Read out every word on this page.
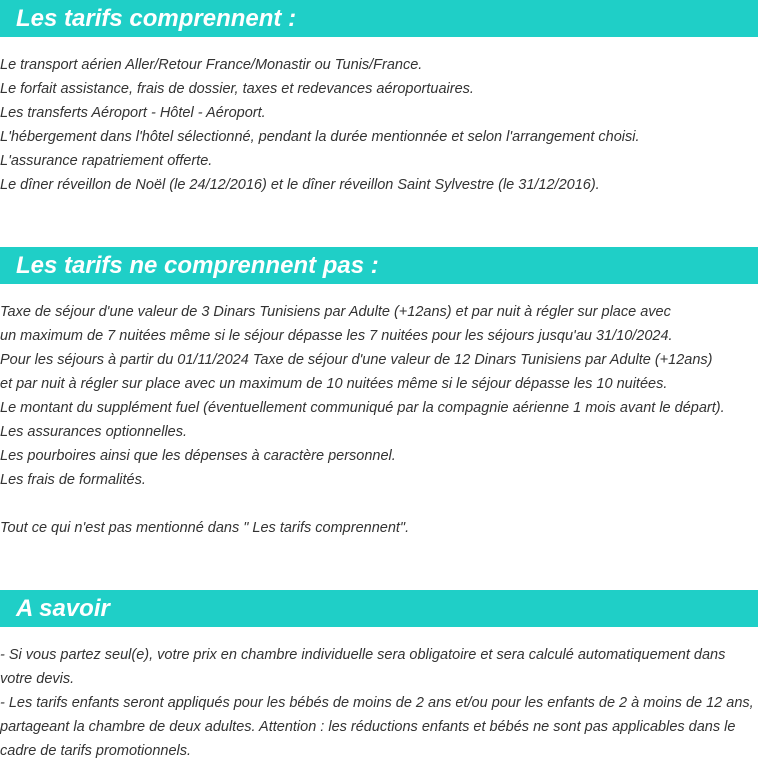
Les tarifs comprennent :
Le transport aérien Aller/Retour France/Monastir ou Tunis/France.
Le forfait assistance, frais de dossier, taxes et redevances aéroportuaires.
Les transferts Aéroport - Hôtel - Aéroport.
L'hébergement dans l'hôtel sélectionné, pendant la durée mentionnée et selon l'arrangement choisi.
L'assurance rapatriement offerte.
Le dîner réveillon de Noël (le 24/12/2016) et le dîner réveillon Saint Sylvestre (le 31/12/2016).
Les tarifs ne comprennent pas :
Taxe de séjour d'une valeur de 3 Dinars Tunisiens par Adulte (+12ans) et par nuit à régler sur place avec
un maximum de 7 nuitées même si le séjour dépasse les 7 nuitées pour les séjours jusqu'au 31/10/2024.
Pour les séjours à partir du 01/11/2024 Taxe de séjour d'une valeur de 12 Dinars Tunisiens par Adulte (+12ans)
et par nuit à régler sur place avec un maximum de 10 nuitées même si le séjour dépasse les 10 nuitées.
Le montant du supplément fuel (éventuellement communiqué par la compagnie aérienne 1 mois avant le départ).
Les assurances optionnelles.
Les pourboires ainsi que les dépenses à caractère personnel.
Les frais de formalités.
Tout ce qui n'est pas mentionné dans " Les tarifs comprennent".
A savoir
- Si vous partez seul(e), votre prix en chambre individuelle sera obligatoire et sera calculé automatiquement dans votre devis.
- Les tarifs enfants seront appliqués pour les bébés de moins de 2 ans et/ou pour les enfants de 2 à moins de 12 ans, partageant la chambre de deux adultes. Attention : les réductions enfants et bébés ne sont pas applicables dans le cadre de tarifs promotionnels.
